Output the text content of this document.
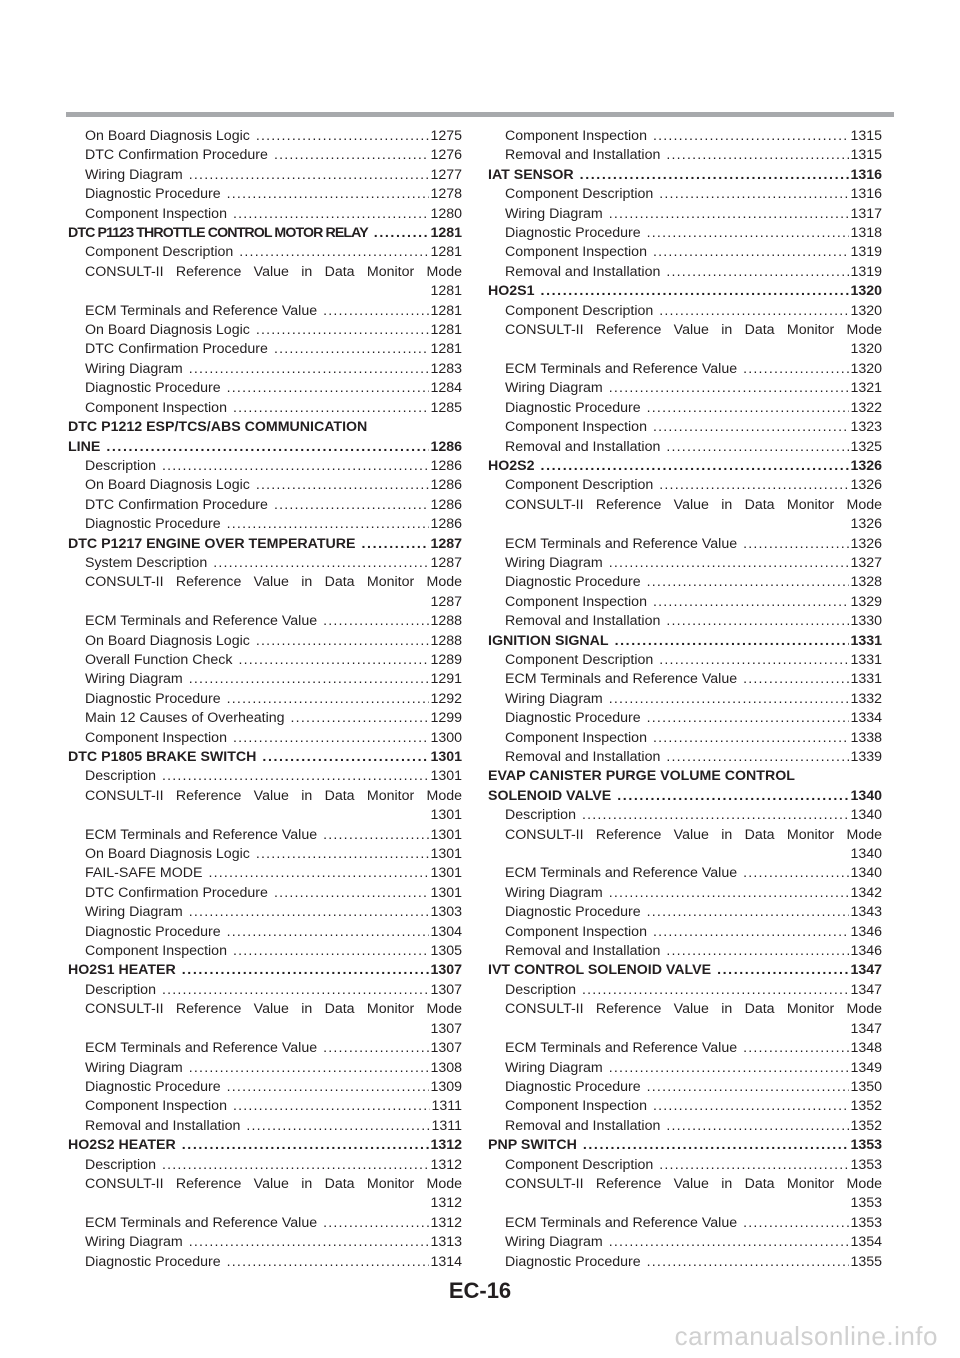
On Board Diagnosis Logic .....	1275
DTC Confirmation Procedure .....	1276
Wiring Diagram .....	1277
Diagnostic Procedure .....	1278
Component Inspection .....	1280
DTC P1123 THROTTLE CONTROL MOTOR RELAY .....	1281
Component Description .....	1281
CONSULT-II Reference Value in Data Monitor Mode
1281
ECM Terminals and Reference Value .....	1281
On Board Diagnosis Logic .....	1281
DTC Confirmation Procedure .....	1281
Wiring Diagram .....	1283
Diagnostic Procedure .....	1284
Component Inspection .....	1285
DTC P1212 ESP/TCS/ABS COMMUNICATION
LINE .....	1286
Description .....	1286
On Board Diagnosis Logic .....	1286
DTC Confirmation Procedure .....	1286
Diagnostic Procedure .....	1286
DTC P1217 ENGINE OVER TEMPERATURE .....	1287
System Description .....	1287
CONSULT-II Reference Value in Data Monitor Mode
1287
ECM Terminals and Reference Value .....	1288
On Board Diagnosis Logic .....	1288
Overall Function Check .....	1289
Wiring Diagram .....	1291
Diagnostic Procedure .....	1292
Main 12 Causes of Overheating .....	1299
Component Inspection .....	1300
DTC P1805 BRAKE SWITCH .....	1301
Description .....	1301
CONSULT-II Reference Value in Data Monitor Mode
1301
ECM Terminals and Reference Value .....	1301
On Board Diagnosis Logic .....	1301
FAIL-SAFE MODE .....	1301
DTC Confirmation Procedure .....	1301
Wiring Diagram .....	1303
Diagnostic Procedure .....	1304
Component Inspection .....	1305
HO2S1 HEATER .....	1307
Description .....	1307
CONSULT-II Reference Value in Data Monitor Mode
1307
ECM Terminals and Reference Value .....	1307
Wiring Diagram .....	1308
Diagnostic Procedure .....	1309
Component Inspection .....	1311
Removal and Installation .....	1311
HO2S2 HEATER .....	1312
Description .....	1312
CONSULT-II Reference Value in Data Monitor Mode
1312
ECM Terminals and Reference Value .....	1312
Wiring Diagram .....	1313
Diagnostic Procedure .....	1314
Component Inspection .....	1315
Removal and Installation .....	1315
IAT SENSOR .....	1316
Component Description .....	1316
Wiring Diagram .....	1317
Diagnostic Procedure .....	1318
Component Inspection .....	1319
Removal and Installation .....	1319
HO2S1 .....	1320
Component Description .....	1320
CONSULT-II Reference Value in Data Monitor Mode
1320
ECM Terminals and Reference Value .....	1320
Wiring Diagram .....	1321
Diagnostic Procedure .....	1322
Component Inspection .....	1323
Removal and Installation .....	1325
HO2S2 .....	1326
Component Description .....	1326
CONSULT-II Reference Value in Data Monitor Mode
1326
ECM Terminals and Reference Value .....	1326
Wiring Diagram .....	1327
Diagnostic Procedure .....	1328
Component Inspection .....	1329
Removal and Installation .....	1330
IGNITION SIGNAL .....	1331
Component Description .....	1331
ECM Terminals and Reference Value .....	1331
Wiring Diagram .....	1332
Diagnostic Procedure .....	1334
Component Inspection .....	1338
Removal and Installation .....	1339
EVAP CANISTER PURGE VOLUME CONTROL
SOLENOID VALVE .....	1340
Description .....	1340
CONSULT-II Reference Value in Data Monitor Mode
1340
ECM Terminals and Reference Value .....	1340
Wiring Diagram .....	1342
Diagnostic Procedure .....	1343
Component Inspection .....	1346
Removal and Installation .....	1346
IVT CONTROL SOLENOID VALVE .....	1347
Description .....	1347
CONSULT-II Reference Value in Data Monitor Mode
1347
ECM Terminals and Reference Value .....	1348
Wiring Diagram .....	1349
Diagnostic Procedure .....	1350
Component Inspection .....	1352
Removal and Installation .....	1352
PNP SWITCH .....	1353
Component Description .....	1353
CONSULT-II Reference Value in Data Monitor Mode
1353
ECM Terminals and Reference Value .....	1353
Wiring Diagram .....	1354
Diagnostic Procedure .....	1355
EC-16
carmanualsonline.info
